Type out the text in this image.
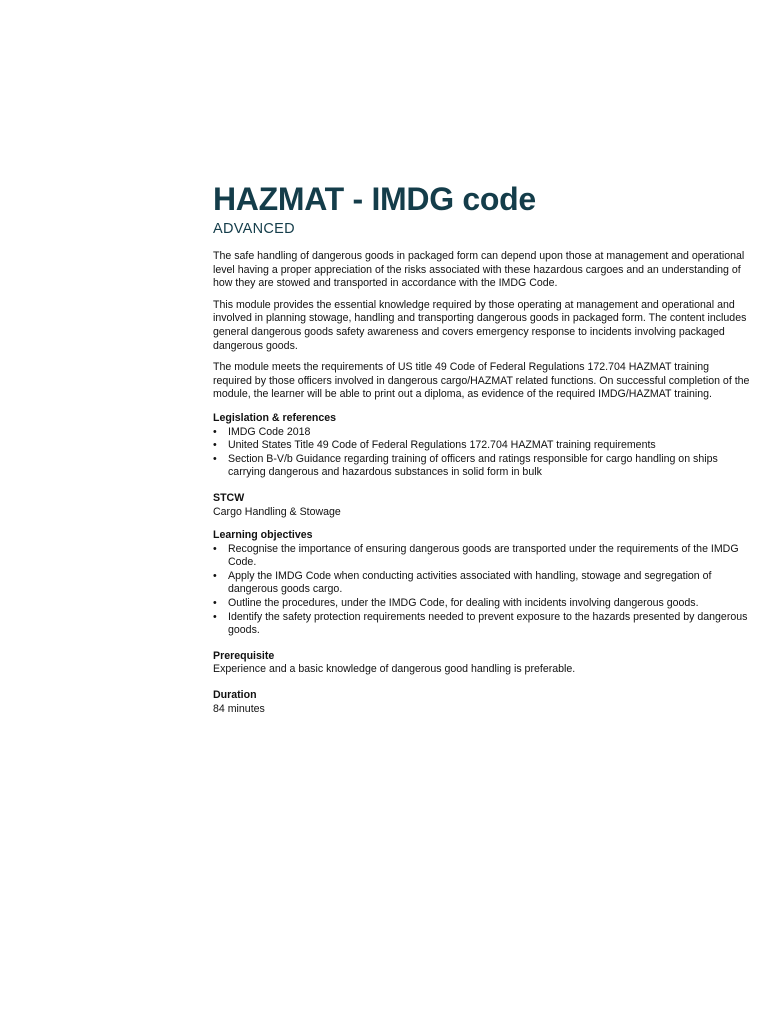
HAZMAT - IMDG code
ADVANCED

The safe handling of dangerous goods in packaged form can depend upon those at management and operational level having a proper appreciation of the risks associated with these hazardous cargoes and an understanding of how they are stowed and transported in accordance with the IMDG Code.

This module provides the essential knowledge required by those operating at management and operational and involved in planning stowage, handling and transporting dangerous goods in packaged form. The content includes general dangerous goods safety awareness and covers emergency response to incidents involving packaged dangerous goods.

The module meets the requirements of US title 49 Code of Federal Regulations 172.704 HAZMAT training required by those officers involved in dangerous cargo/HAZMAT related functions. On successful completion of the module, the learner will be able to print out a diploma, as evidence of the required IMDG/HAZMAT training.

Legislation & references
• IMDG Code 2018
• United States Title 49 Code of Federal Regulations 172.704 HAZMAT training requirements
• Section B-V/b Guidance regarding training of officers and ratings responsible for cargo handling on ships carrying dangerous and hazardous substances in solid form in bulk
STCW
Cargo Handling & Stowage
Learning objectives
• Recognise the importance of ensuring dangerous goods are transported under the requirements of the IMDG Code.
• Apply the IMDG Code when conducting activities associated with handling, stowage and segregation of dangerous goods cargo.
• Outline the procedures, under the IMDG Code, for dealing with incidents involving dangerous goods.
• Identify the safety protection requirements needed to prevent exposure to the hazards presented by dangerous goods.
Prerequisite
Experience and a basic knowledge of dangerous good handling is preferable.
Duration
84 minutes
